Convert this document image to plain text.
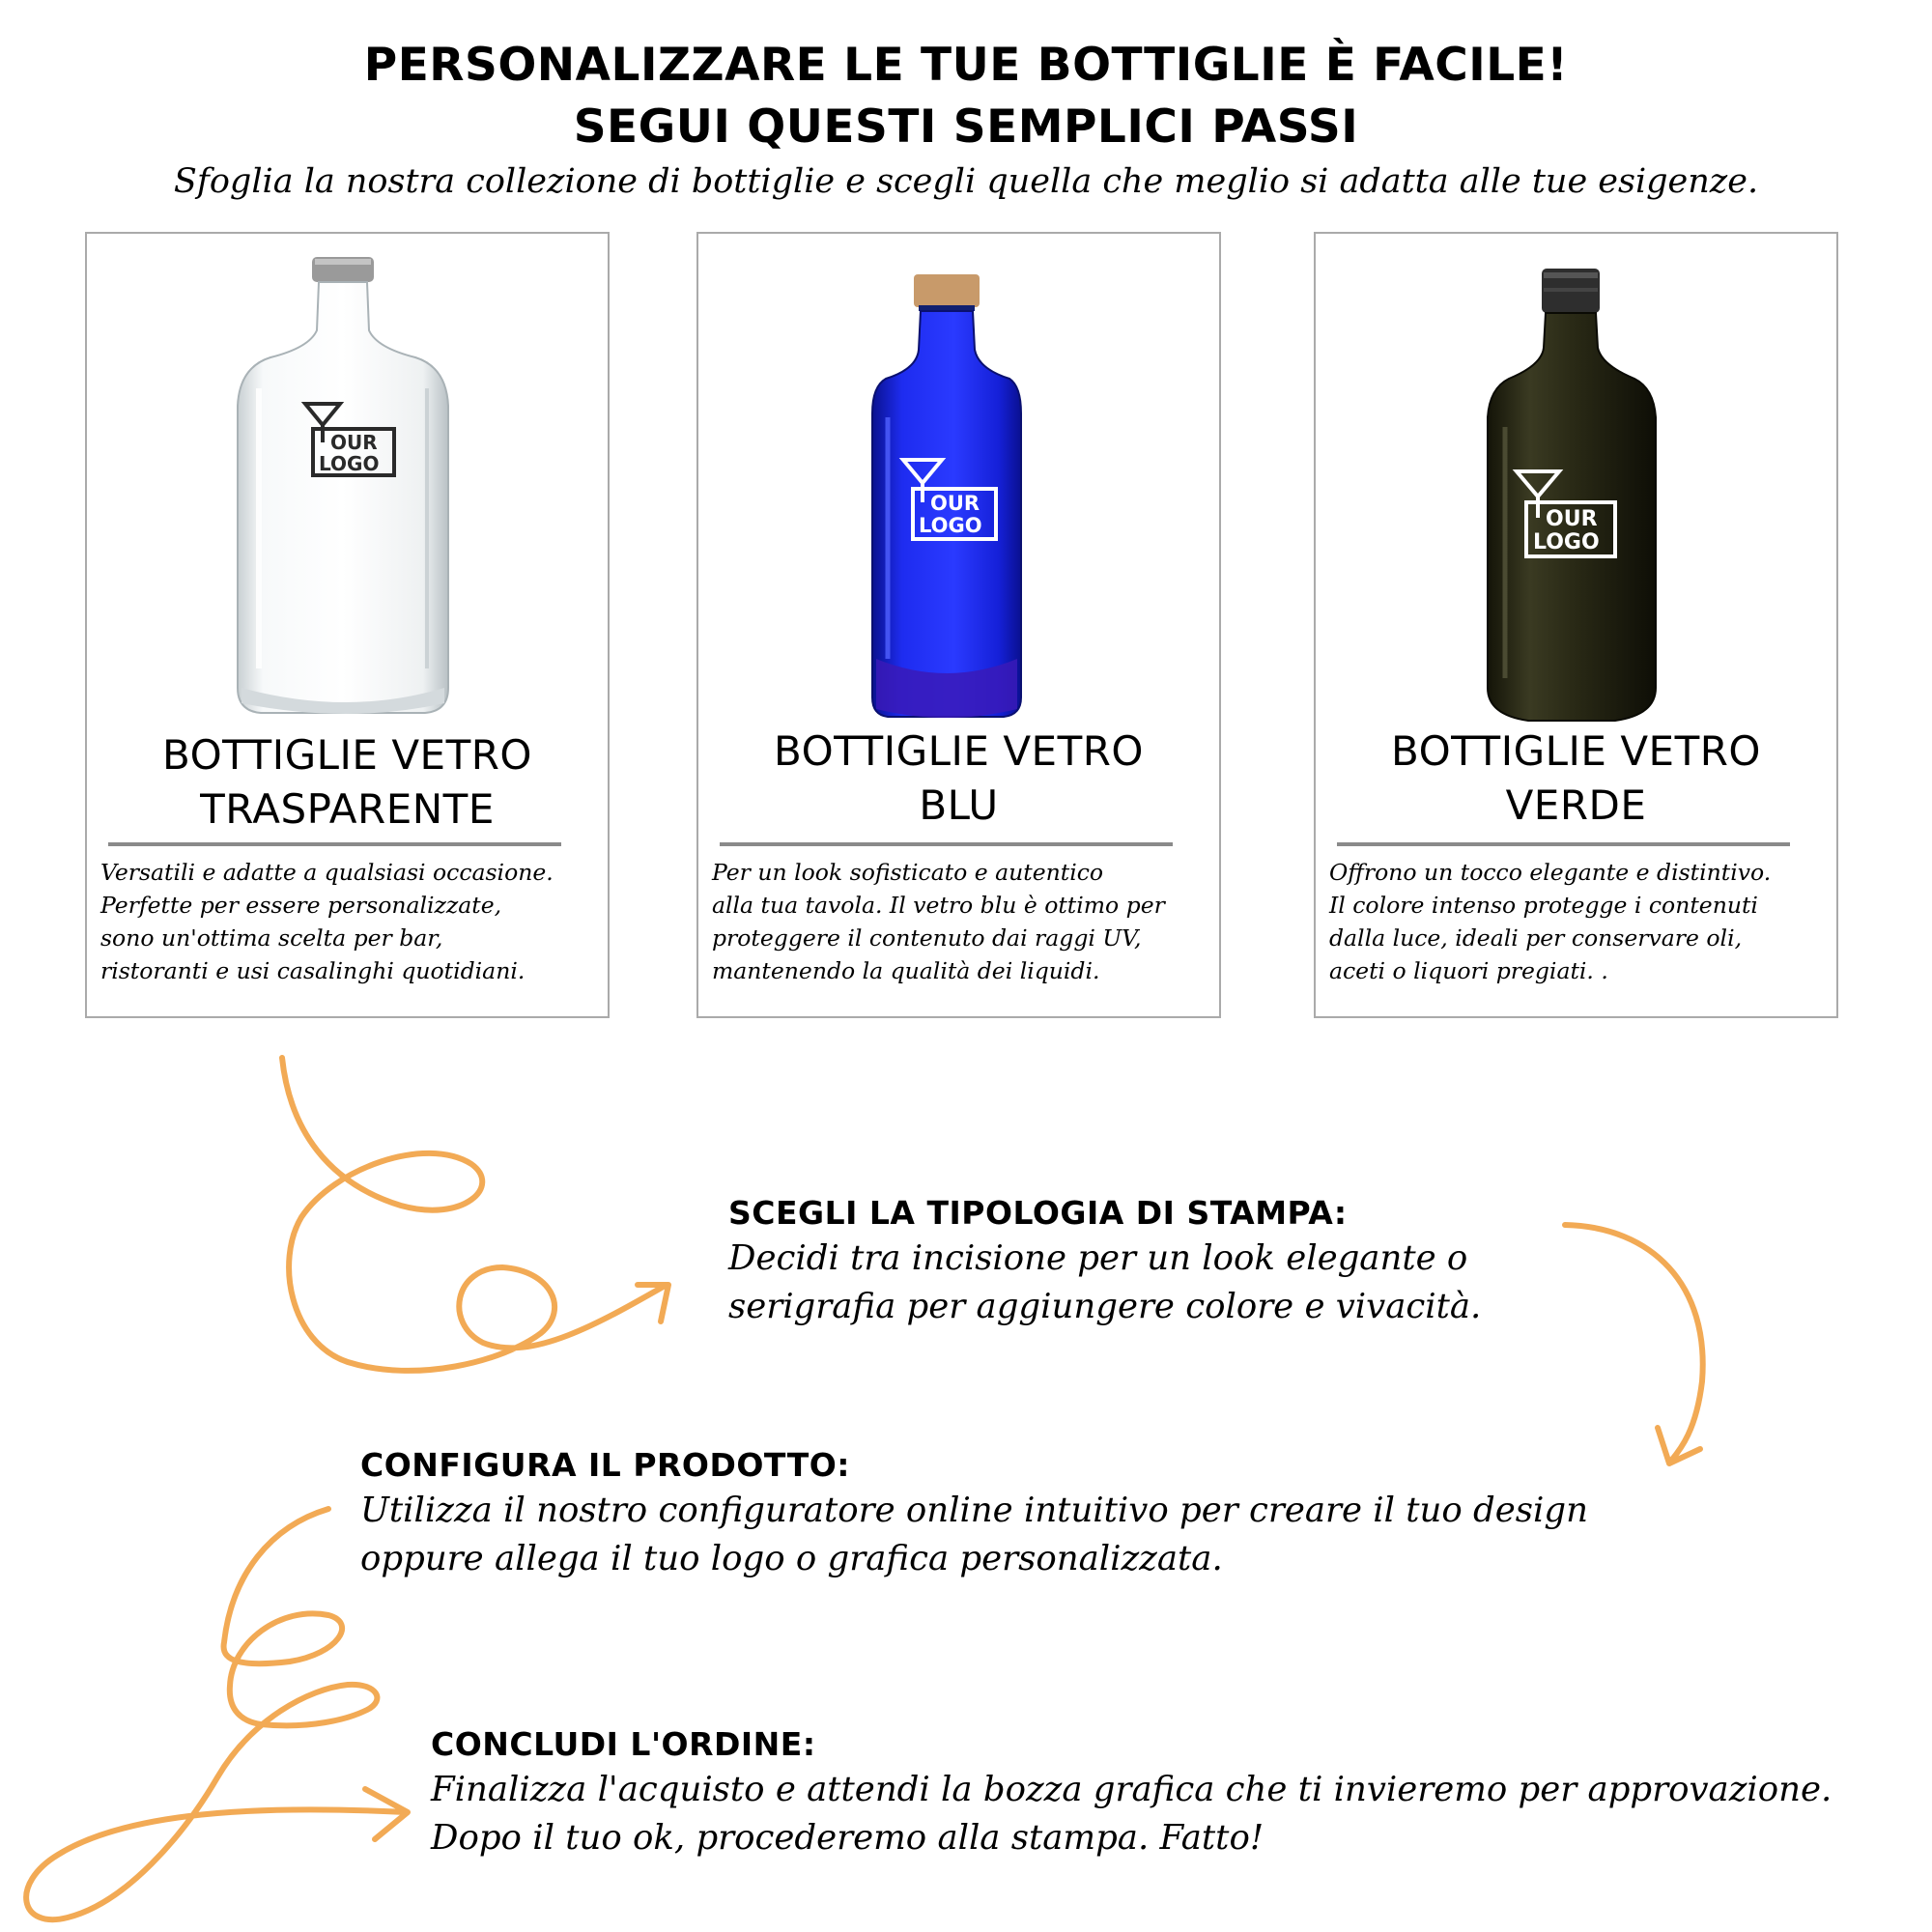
PERSONALIZZARE LE TUE BOTTIGLIE È FACILE!
SEGUI QUESTI SEMPLICI PASSI
Sfoglia la nostra collezione di bottiglie e scegli quella che meglio si adatta alle tue esigenze.
OUR
LOGO
BOTTIGLIE VETRO
TRASPARENTE
Versatili e adatte a qualsiasi occasione.
Perfette per essere personalizzate,
sono un'ottima scelta per bar,
ristoranti e usi casalinghi quotidiani.
OUR
LOGO
BOTTIGLIE VETRO
BLU
Per un look sofisticato e autentico
alla tua tavola. Il vetro blu è ottimo per
proteggere il contenuto dai raggi UV,
mantenendo la qualità dei liquidi.
OUR
LOGO
BOTTIGLIE VETRO
VERDE
Offrono un tocco elegante e distintivo.
Il colore intenso protegge i contenuti
dalla luce, ideali per conservare oli,
aceti o liquori pregiati. .
SCEGLI LA TIPOLOGIA DI STAMPA:
Decidi tra incisione per un look elegante o
serigrafia per aggiungere colore e vivacità.
CONFIGURA IL PRODOTTO:
Utilizza il nostro configuratore online intuitivo per creare il tuo design
oppure allega il tuo logo o grafica personalizzata.
CONCLUDI L'ORDINE:
Finalizza l'acquisto e attendi la bozza grafica che ti invieremo per approvazione.
Dopo il tuo ok, procederemo alla stampa. Fatto!
